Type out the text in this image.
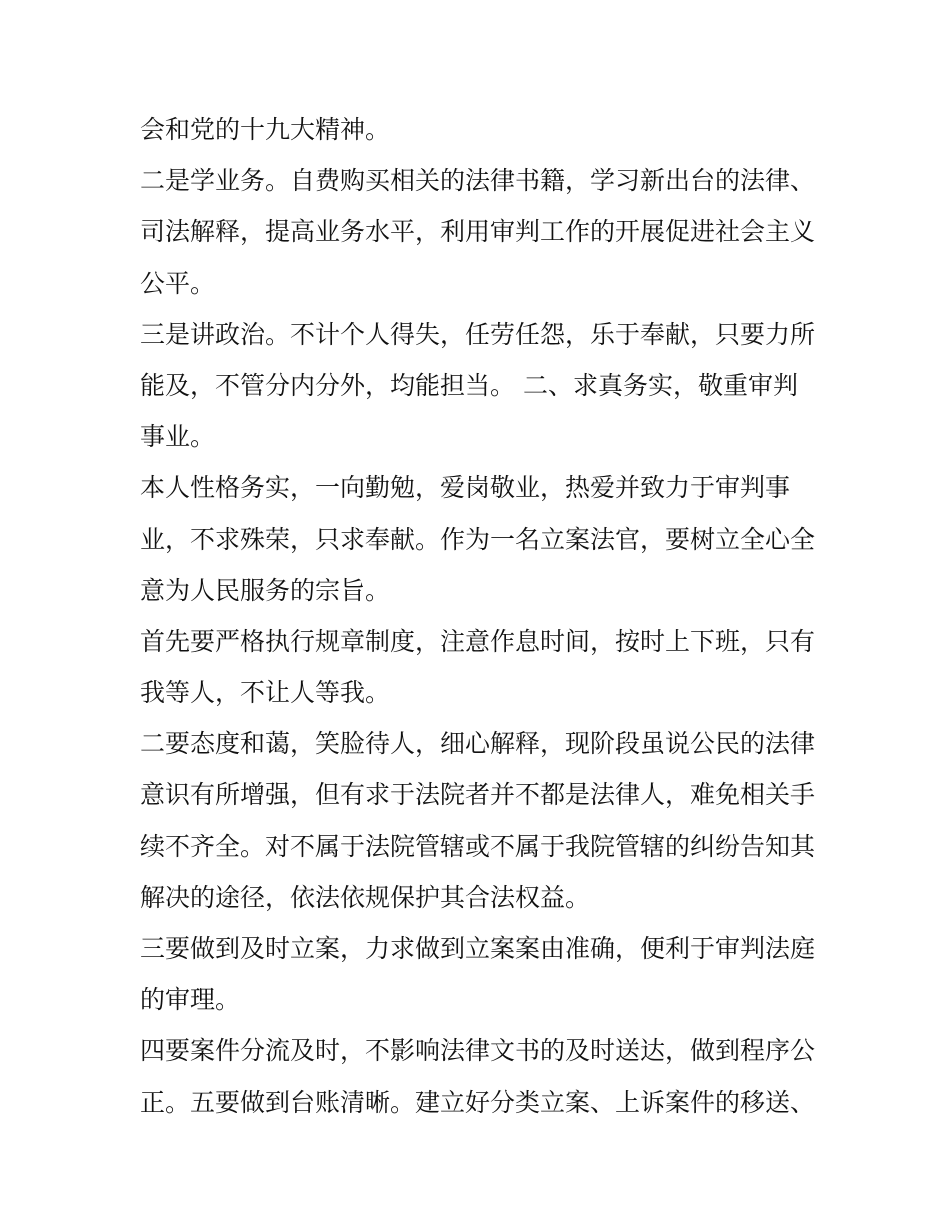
会和党的十九大精神。
二是学业务。自费购买相关的法律书籍，学习新出台的法律、
司法解释，提高业务水平，利用审判工作的开展促进社会主义
公平。
三是讲政治。不计个人得失，任劳任怨，乐于奉献，只要力所
能及，不管分内分外，均能担当。 二、求真务实，敬重审判
事业。
本人性格务实，一向勤勉，爱岗敬业，热爱并致力于审判事
业，不求殊荣，只求奉献。作为一名立案法官，要树立全心全
意为人民服务的宗旨。
首先要严格执行规章制度，注意作息时间，按时上下班，只有
我等人，不让人等我。
二要态度和蔼，笑脸待人，细心解释，现阶段虽说公民的法律
意识有所增强，但有求于法院者并不都是法律人，难免相关手
续不齐全。对不属于法院管辖或不属于我院管辖的纠纷告知其
解决的途径，依法依规保护其合法权益。
三要做到及时立案，力求做到立案案由准确，便利于审判法庭
的审理。
四要案件分流及时，不影响法律文书的及时送达，做到程序公
正。五要做到台账清晰。建立好分类立案、上诉案件的移送、
